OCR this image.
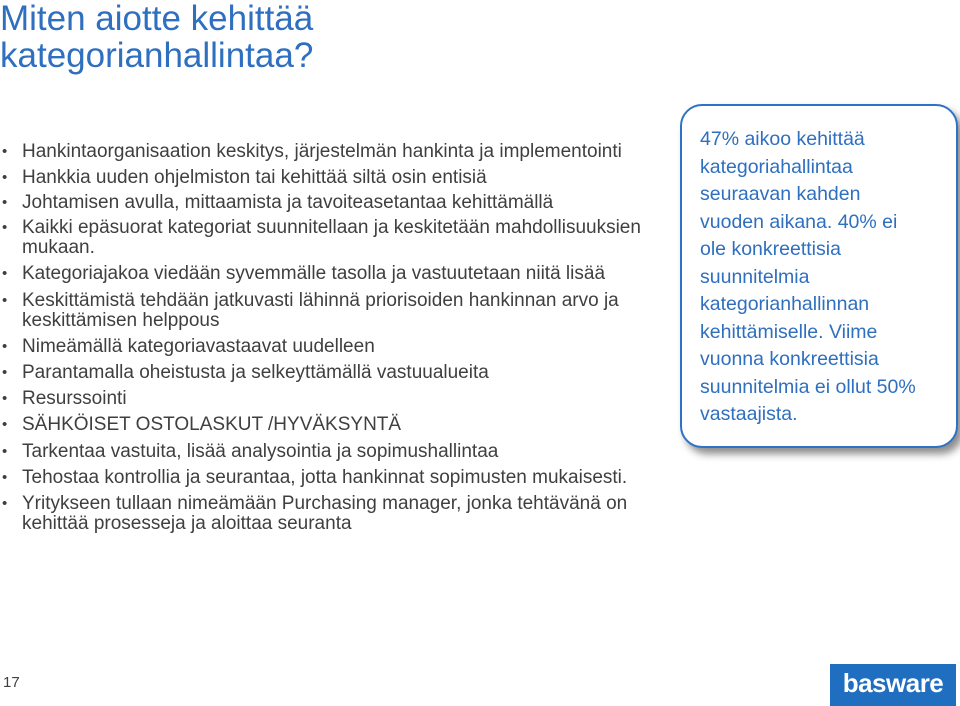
Miten aiotte kehittää kategorianhallintaa?
• Hankintaorganisaation keskitys, järjestelmän hankinta ja implementointi
• Hankkia uuden ohjelmiston tai kehittää siltä osin entisiä
• Johtamisen avulla, mittaamista ja tavoiteasetantaa kehittämällä
• Kaikki epäsuorat kategoriat suunnitellaan ja keskitetään mahdollisuuksien mukaan.
• Kategoriajakoa viedään syvemmälle tasolla ja vastuutetaan niitä lisää
• Keskittämistä tehdään jatkuvasti lähinnä priorisoiden hankinnan arvo ja keskittämisen helppous
• Nimeämällä kategoriavastaavat uudelleen
• Parantamalla oheistusta ja selkeyttämällä vastuualueita
• Resurssointi
• SÄHKÖISET OSTOLASKUT /HYVÄKSYNTÄ
• Tarkentaa vastuita, lisää analysointia ja sopimushallintaa
• Tehostaa kontrollia ja seurantaa, jotta hankinnat sopimusten mukaisesti.
• Yritykseen tullaan nimeämään Purchasing manager, jonka tehtävänä on kehittää prosesseja ja aloittaa seuranta

47% aikoo kehittää kategoriahallintaa seuraavan kahden vuoden aikana. 40% ei ole konkreettisia suunnitelmia kategorianhallinnan kehittämiselle. Viime vuonna konkreettisia suunnitelmia ei ollut 50% vastaajista.

17	basware
